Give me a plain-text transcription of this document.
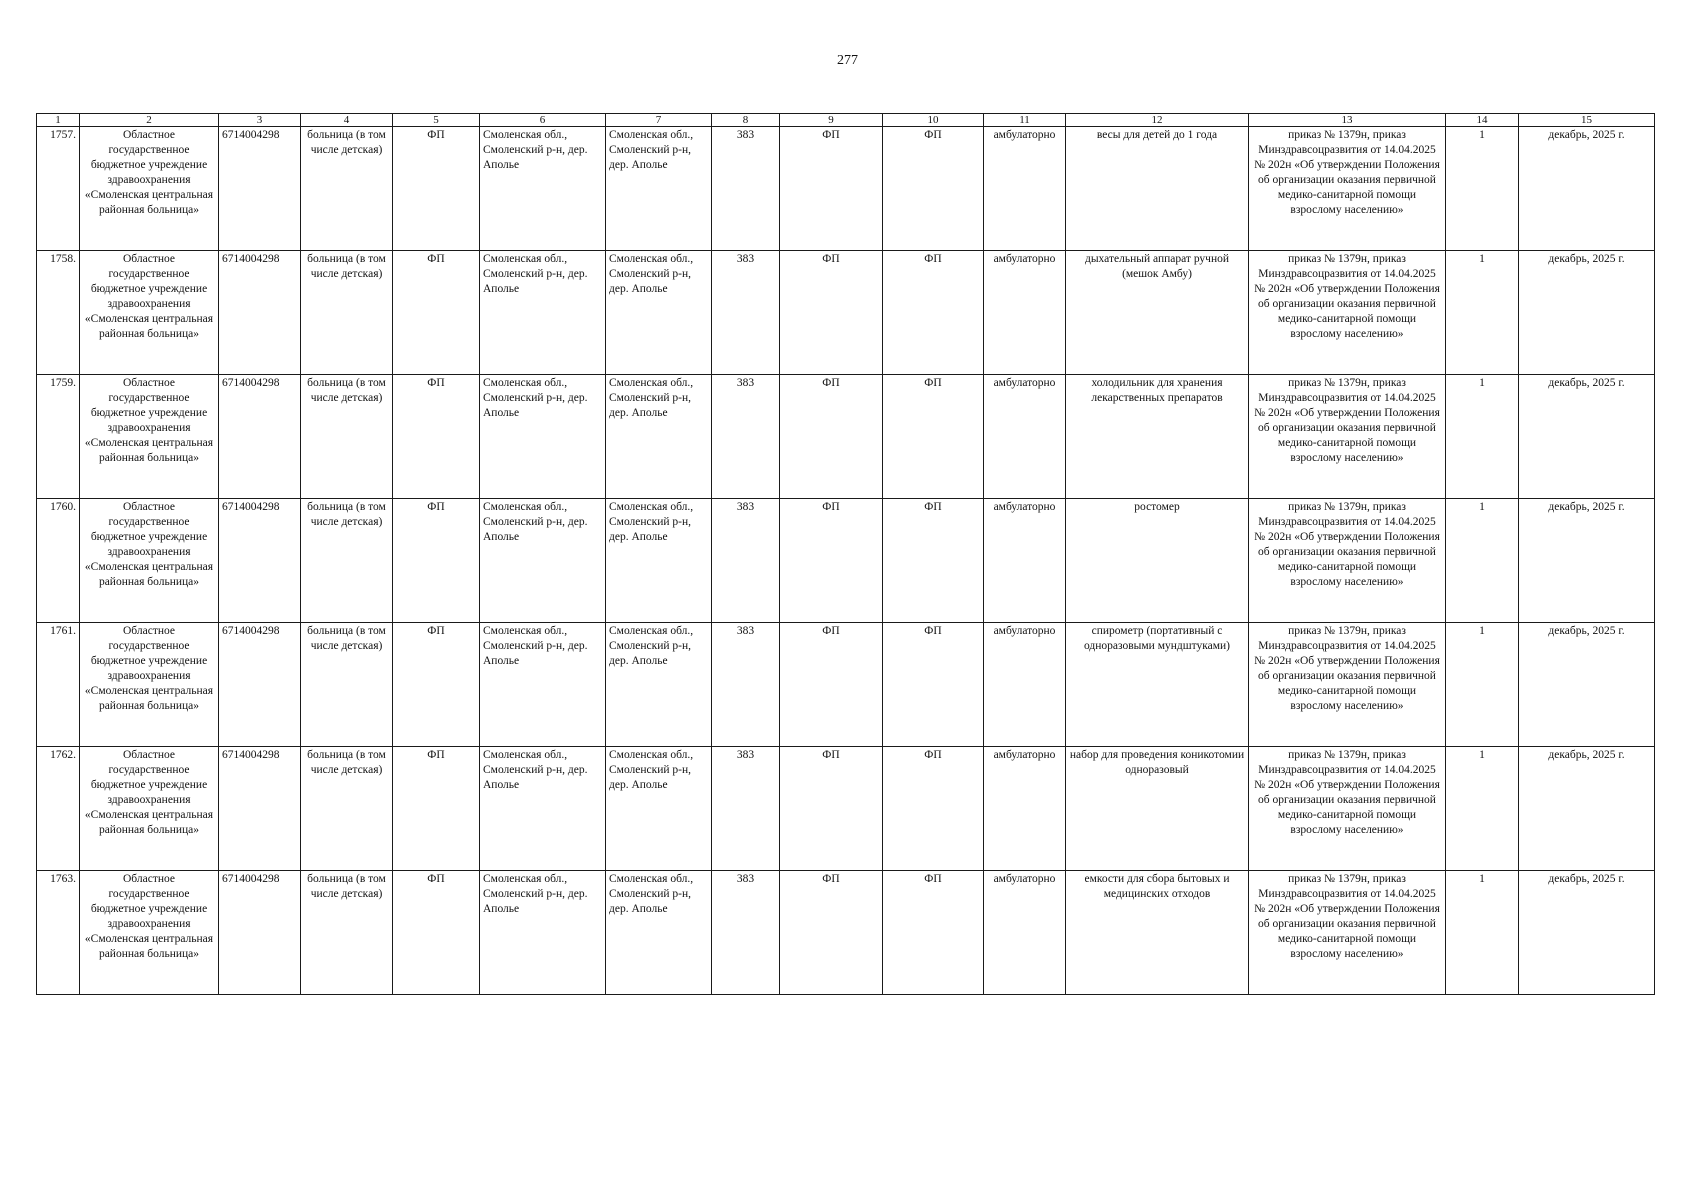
277
1	2	3	4	5	6	7	8	9	10	11	12	13	14	15
1757.	Областное государственное бюджетное учреждение здравоохранения «Смоленская центральная районная больница»	6714004298	больница (в том числе детская)	ФП	Смоленская обл., Смоленский р-н, дер. Аполье	Смоленская обл., Смоленский р-н, дер. Аполье	383	ФП	ФП	амбулаторно	весы для детей до 1 года	приказ № 1379н, приказ Минздравсоцразвития от 14.04.2025 № 202н «Об утверждении Положения об организации оказания первичной медико-санитарной помощи взрослому населению»	1	декабрь, 2025 г.
1758.	Областное государственное бюджетное учреждение здравоохранения «Смоленская центральная районная больница»	6714004298	больница (в том числе детская)	ФП	Смоленская обл., Смоленский р-н, дер. Аполье	Смоленская обл., Смоленский р-н, дер. Аполье	383	ФП	ФП	амбулаторно	дыхательный аппарат ручной (мешок Амбу)	приказ № 1379н, приказ Минздравсоцразвития от 14.04.2025 № 202н «Об утверждении Положения об организации оказания первичной медико-санитарной помощи взрослому населению»	1	декабрь, 2025 г.
1759.	Областное государственное бюджетное учреждение здравоохранения «Смоленская центральная районная больница»	6714004298	больница (в том числе детская)	ФП	Смоленская обл., Смоленский р-н, дер. Аполье	Смоленская обл., Смоленский р-н, дер. Аполье	383	ФП	ФП	амбулаторно	холодильник для хранения лекарственных препаратов	приказ № 1379н, приказ Минздравсоцразвития от 14.04.2025 № 202н «Об утверждении Положения об организации оказания первичной медико-санитарной помощи взрослому населению»	1	декабрь, 2025 г.
1760.	Областное государственное бюджетное учреждение здравоохранения «Смоленская центральная районная больница»	6714004298	больница (в том числе детская)	ФП	Смоленская обл., Смоленский р-н, дер. Аполье	Смоленская обл., Смоленский р-н, дер. Аполье	383	ФП	ФП	амбулаторно	ростомер	приказ № 1379н, приказ Минздравсоцразвития от 14.04.2025 № 202н «Об утверждении Положения об организации оказания первичной медико-санитарной помощи взрослому населению»	1	декабрь, 2025 г.
1761.	Областное государственное бюджетное учреждение здравоохранения «Смоленская центральная районная больница»	6714004298	больница (в том числе детская)	ФП	Смоленская обл., Смоленский р-н, дер. Аполье	Смоленская обл., Смоленский р-н, дер. Аполье	383	ФП	ФП	амбулаторно	спирометр (портативный с одноразовыми мундштуками)	приказ № 1379н, приказ Минздравсоцразвития от 14.04.2025 № 202н «Об утверждении Положения об организации оказания первичной медико-санитарной помощи взрослому населению»	1	декабрь, 2025 г.
1762.	Областное государственное бюджетное учреждение здравоохранения «Смоленская центральная районная больница»	6714004298	больница (в том числе детская)	ФП	Смоленская обл., Смоленский р-н, дер. Аполье	Смоленская обл., Смоленский р-н, дер. Аполье	383	ФП	ФП	амбулаторно	набор для проведения коникотомии одноразовый	приказ № 1379н, приказ Минздравсоцразвития от 14.04.2025 № 202н «Об утверждении Положения об организации оказания первичной медико-санитарной помощи взрослому населению»	1	декабрь, 2025 г.
1763.	Областное государственное бюджетное учреждение здравоохранения «Смоленская центральная районная больница»	6714004298	больница (в том числе детская)	ФП	Смоленская обл., Смоленский р-н, дер. Аполье	Смоленская обл., Смоленский р-н, дер. Аполье	383	ФП	ФП	амбулаторно	емкости для сбора бытовых и медицинских отходов	приказ № 1379н, приказ Минздравсоцразвития от 14.04.2025 № 202н «Об утверждении Положения об организации оказания первичной медико-санитарной помощи взрослому населению»	1	декабрь, 2025 г.
